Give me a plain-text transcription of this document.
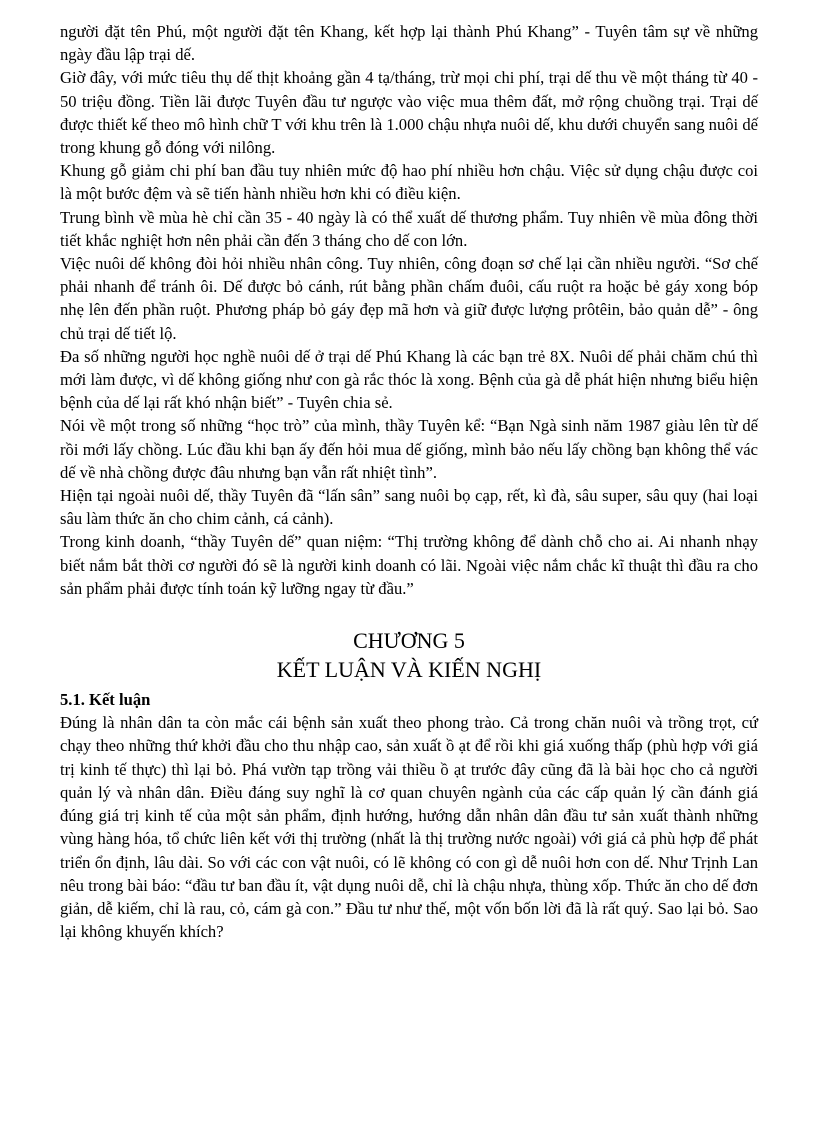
người đặt tên Phú, một người đặt tên Khang, kết hợp lại thành Phú Khang” - Tuyên tâm sự về những ngày đầu lập trại dế.

Giờ đây, với mức tiêu thụ dế thịt khoảng gần 4 tạ/tháng, trừ mọi chi phí, trại dế thu về một tháng từ 40 - 50 triệu đồng. Tiền lãi được Tuyên đầu tư ngược vào việc mua thêm đất, mở rộng chuồng trại. Trại dế được thiết kế theo mô hình chữ T với khu trên là 1.000 chậu nhựa nuôi dế, khu dưới chuyển sang nuôi dế trong khung gỗ đóng với nilông.

Khung gỗ giảm chi phí ban đầu tuy nhiên mức độ hao phí nhiều hơn chậu. Việc sử dụng chậu được coi là một bước đệm và sẽ tiến hành nhiều hơn khi có điều kiện.

Trung bình về mùa hè chỉ cần 35 - 40 ngày là có thể xuất dế thương phẩm. Tuy nhiên về mùa đông thời tiết khắc nghiệt hơn nên phải cần đến 3 tháng cho dế con lớn.

Việc nuôi dế không đòi hỏi nhiều nhân công. Tuy nhiên, công đoạn sơ chế lại cần nhiều người. “Sơ chế phải nhanh để tránh ôi. Dế được bỏ cánh, rút bằng phần chấm đuôi, cấu ruột ra hoặc bẻ gáy xong bóp nhẹ lên đến phần ruột. Phương pháp bỏ gáy đẹp mã hơn và giữ được lượng prôtêin, bảo quản dễ” - ông chủ trại dế tiết lộ.

Đa số những người học nghề nuôi dế ở trại dế Phú Khang là các bạn trẻ 8X. Nuôi dế phải chăm chú thì mới làm được, vì dế không giống như con gà rắc thóc là xong. Bệnh của gà dễ phát hiện nhưng biểu hiện bệnh của dế lại rất khó nhận biết” - Tuyên chia sẻ.

Nói về một trong số những “học trò” của mình, thầy Tuyên kể: “Bạn Ngà sinh năm 1987 giàu lên từ dế rồi mới lấy chồng. Lúc đầu khi bạn ấy đến hỏi mua dế giống, mình bảo nếu lấy chồng bạn không thể vác dế về nhà chồng được đâu nhưng bạn vẫn rất nhiệt tình”.

Hiện tại ngoài nuôi dế, thầy Tuyên đã “lấn sân” sang nuôi bọ cạp, rết, kì đà, sâu super, sâu quy (hai loại sâu làm thức ăn cho chim cảnh, cá cảnh).

Trong kinh doanh, “thầy Tuyên dế” quan niệm: “Thị trường không để dành chỗ cho ai. Ai nhanh nhạy biết nắm bắt thời cơ người đó sẽ là người kinh doanh có lãi. Ngoài việc nắm chắc kĩ thuật thì đầu ra cho sản phẩm phải được tính toán kỹ lưỡng ngay từ đầu.”

CHƯƠNG 5
KẾT LUẬN VÀ KIẾN NGHỊ
5.1. Kết luận

Đúng là nhân dân ta còn mắc cái bệnh sản xuất theo phong trào. Cả trong chăn nuôi và trồng trọt, cứ chạy theo những thứ khởi đầu cho thu nhập cao, sản xuất ồ ạt để rồi khi giá xuống thấp (phù hợp với giá trị kinh tế thực) thì lại bỏ. Phá vườn tạp trồng vải thiều ồ ạt trước đây cũng đã là bài học cho cả người quản lý và nhân dân. Điều đáng suy nghĩ là cơ quan chuyên ngành của các cấp quản lý cần đánh giá đúng giá trị kinh tế của một sản phẩm, định hướng, hướng dẫn nhân dân đầu tư sản xuất thành những vùng hàng hóa, tổ chức liên kết với thị trường (nhất là thị trường nước ngoài) với giá cả phù hợp để phát triển ổn định, lâu dài. So với các con vật nuôi, có lẽ không có con gì dễ nuôi hơn con dế. Như Trịnh Lan nêu trong bài báo: “đầu tư ban đầu ít, vật dụng nuôi dễ, chỉ là chậu nhựa, thùng xốp. Thức ăn cho dế đơn giản, dễ kiếm, chỉ là rau, cỏ, cám gà con.” Đầu tư như thế, một vốn bốn lời đã là rất quý. Sao lại bỏ. Sao lại không khuyến khích?
